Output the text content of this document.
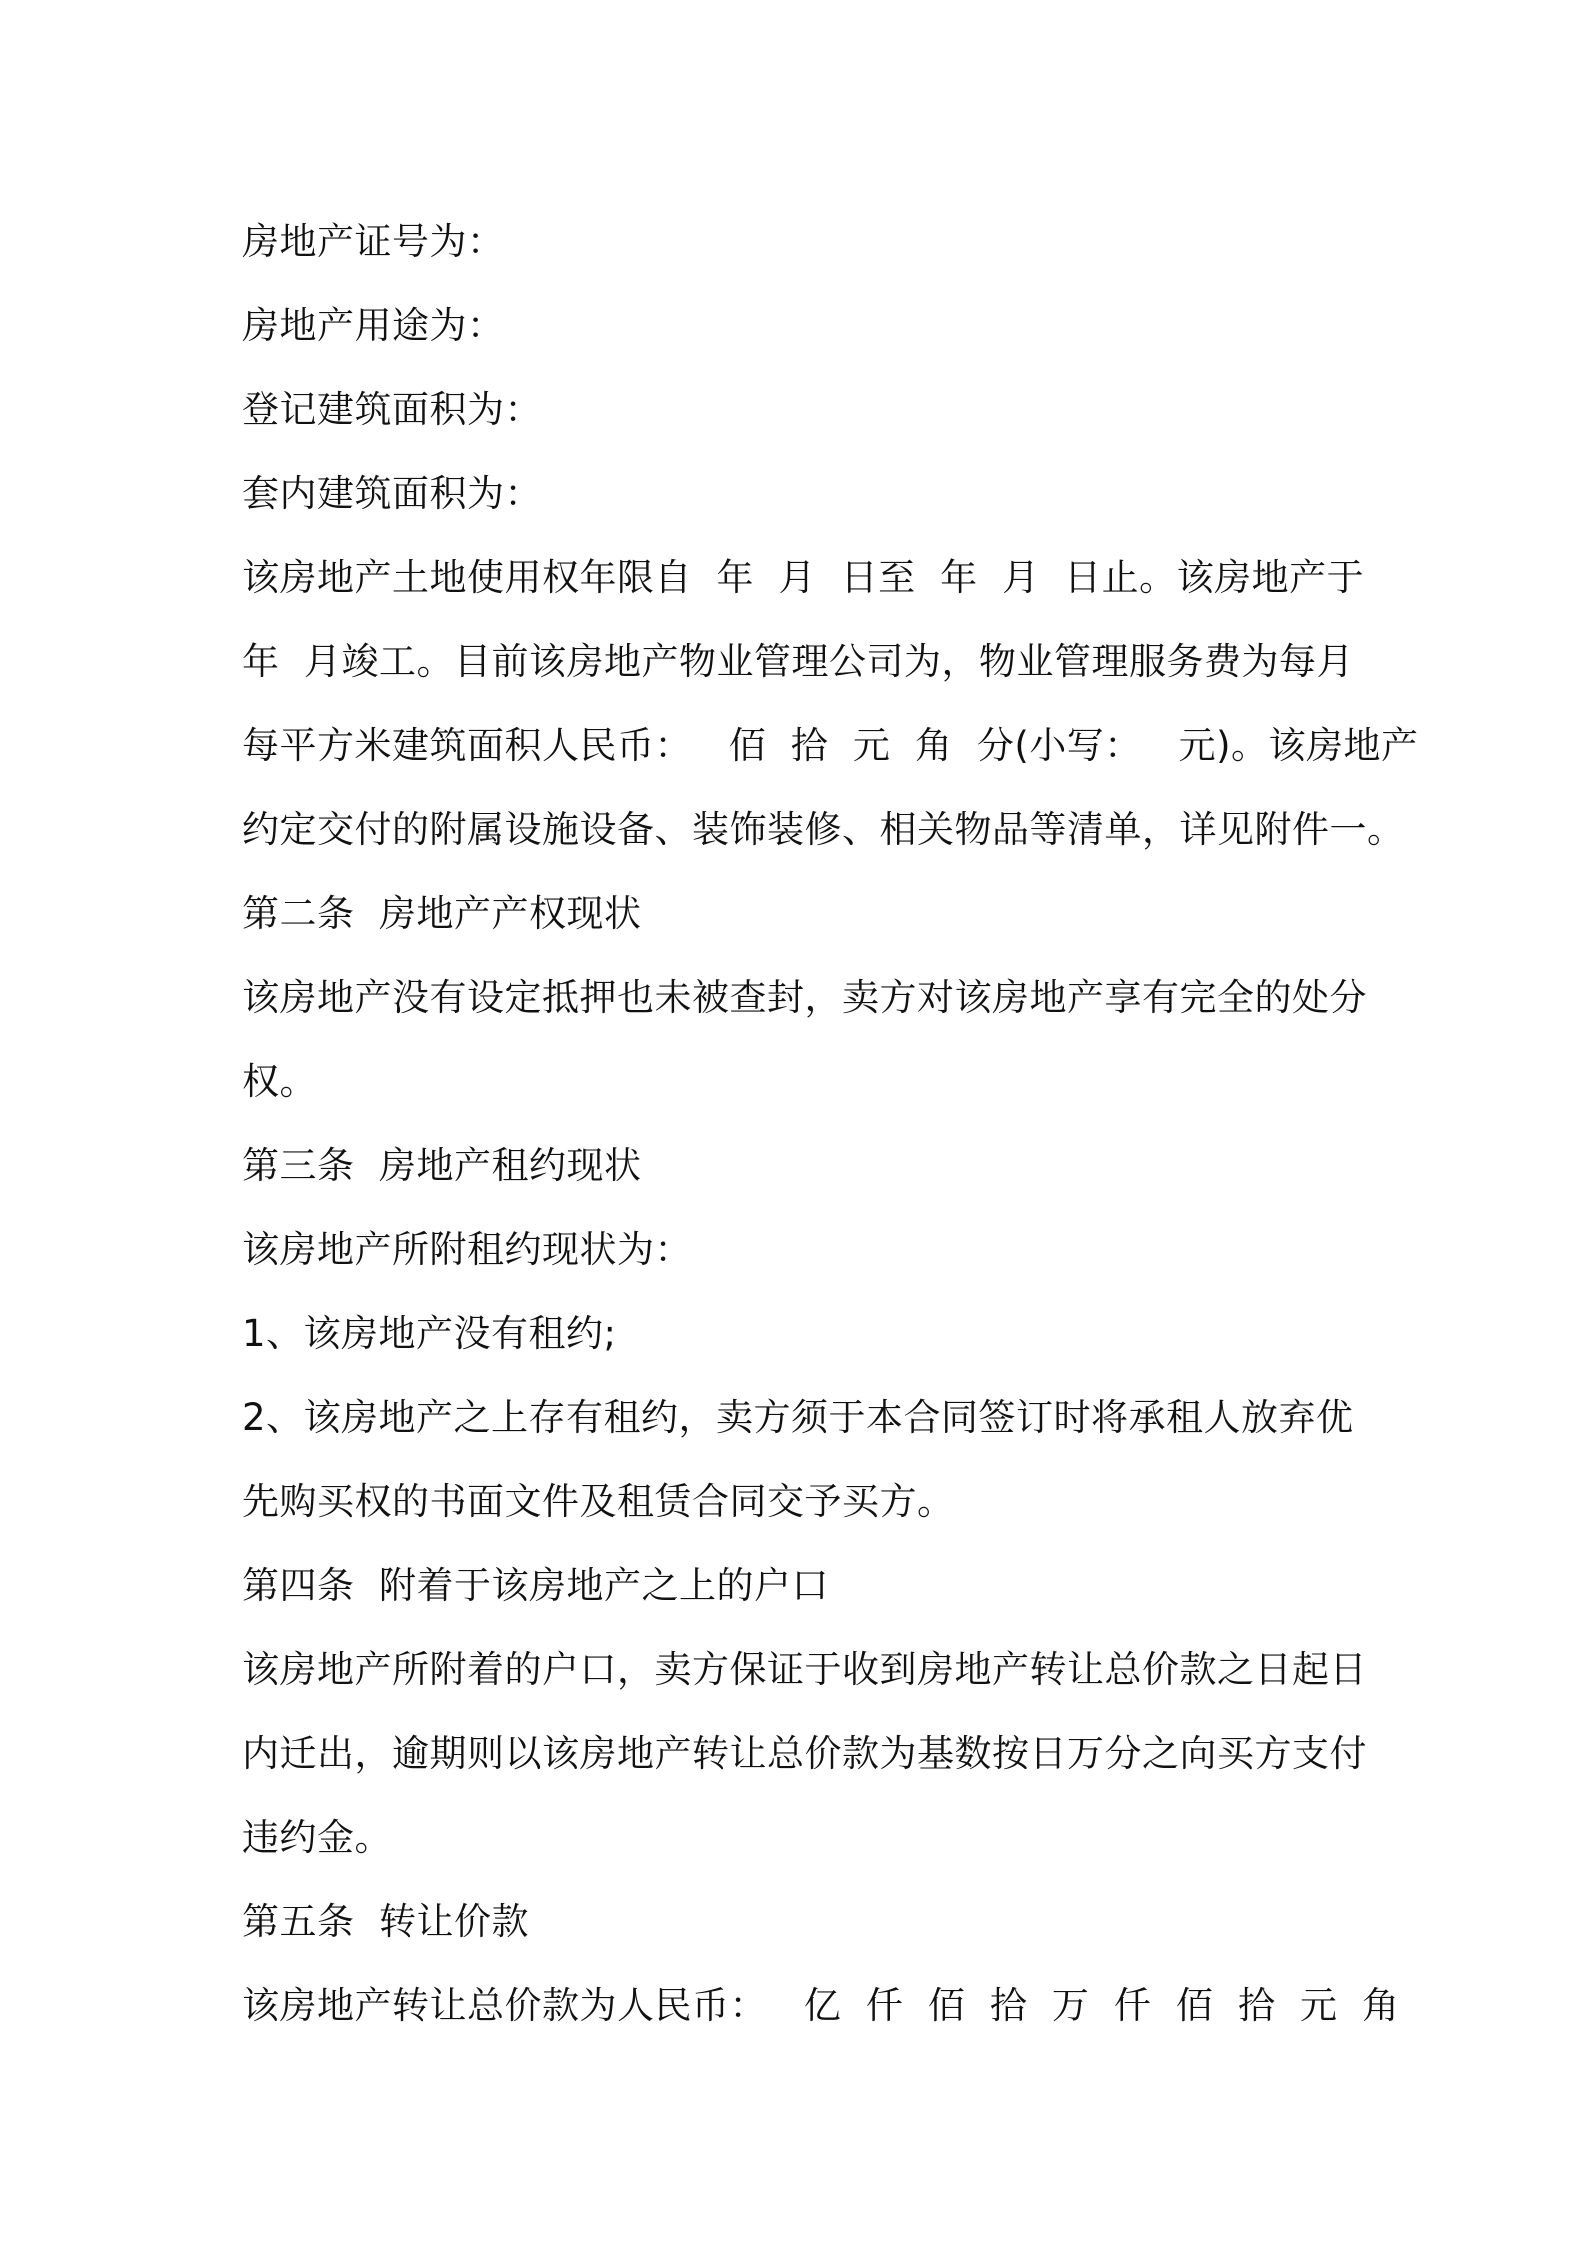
房地产证号为：
房地产用途为：
登记建筑面积为：
套内建筑面积为：
该房地产土地使用权年限自  年  月  日至  年  月  日止。该房地产于
年  月竣工。目前该房地产物业管理公司为，物业管理服务费为每月
每平方米建筑面积人民币：   佰  拾  元  角  分(小写：   元)。该房地产
约定交付的附属设施设备、装饰装修、相关物品等清单，详见附件一。
第二条  房地产产权现状
该房地产没有设定抵押也未被查封，卖方对该房地产享有完全的处分
权。
第三条  房地产租约现状
该房地产所附租约现状为：
1、该房地产没有租约;
2、该房地产之上存有租约，卖方须于本合同签订时将承租人放弃优
先购买权的书面文件及租赁合同交予买方。
第四条  附着于该房地产之上的户口
该房地产所附着的户口，卖方保证于收到房地产转让总价款之日起日
内迁出，逾期则以该房地产转让总价款为基数按日万分之向买方支付
违约金。
第五条  转让价款
该房地产转让总价款为人民币：   亿  仟  佰  拾  万  仟  佰  拾  元  角
